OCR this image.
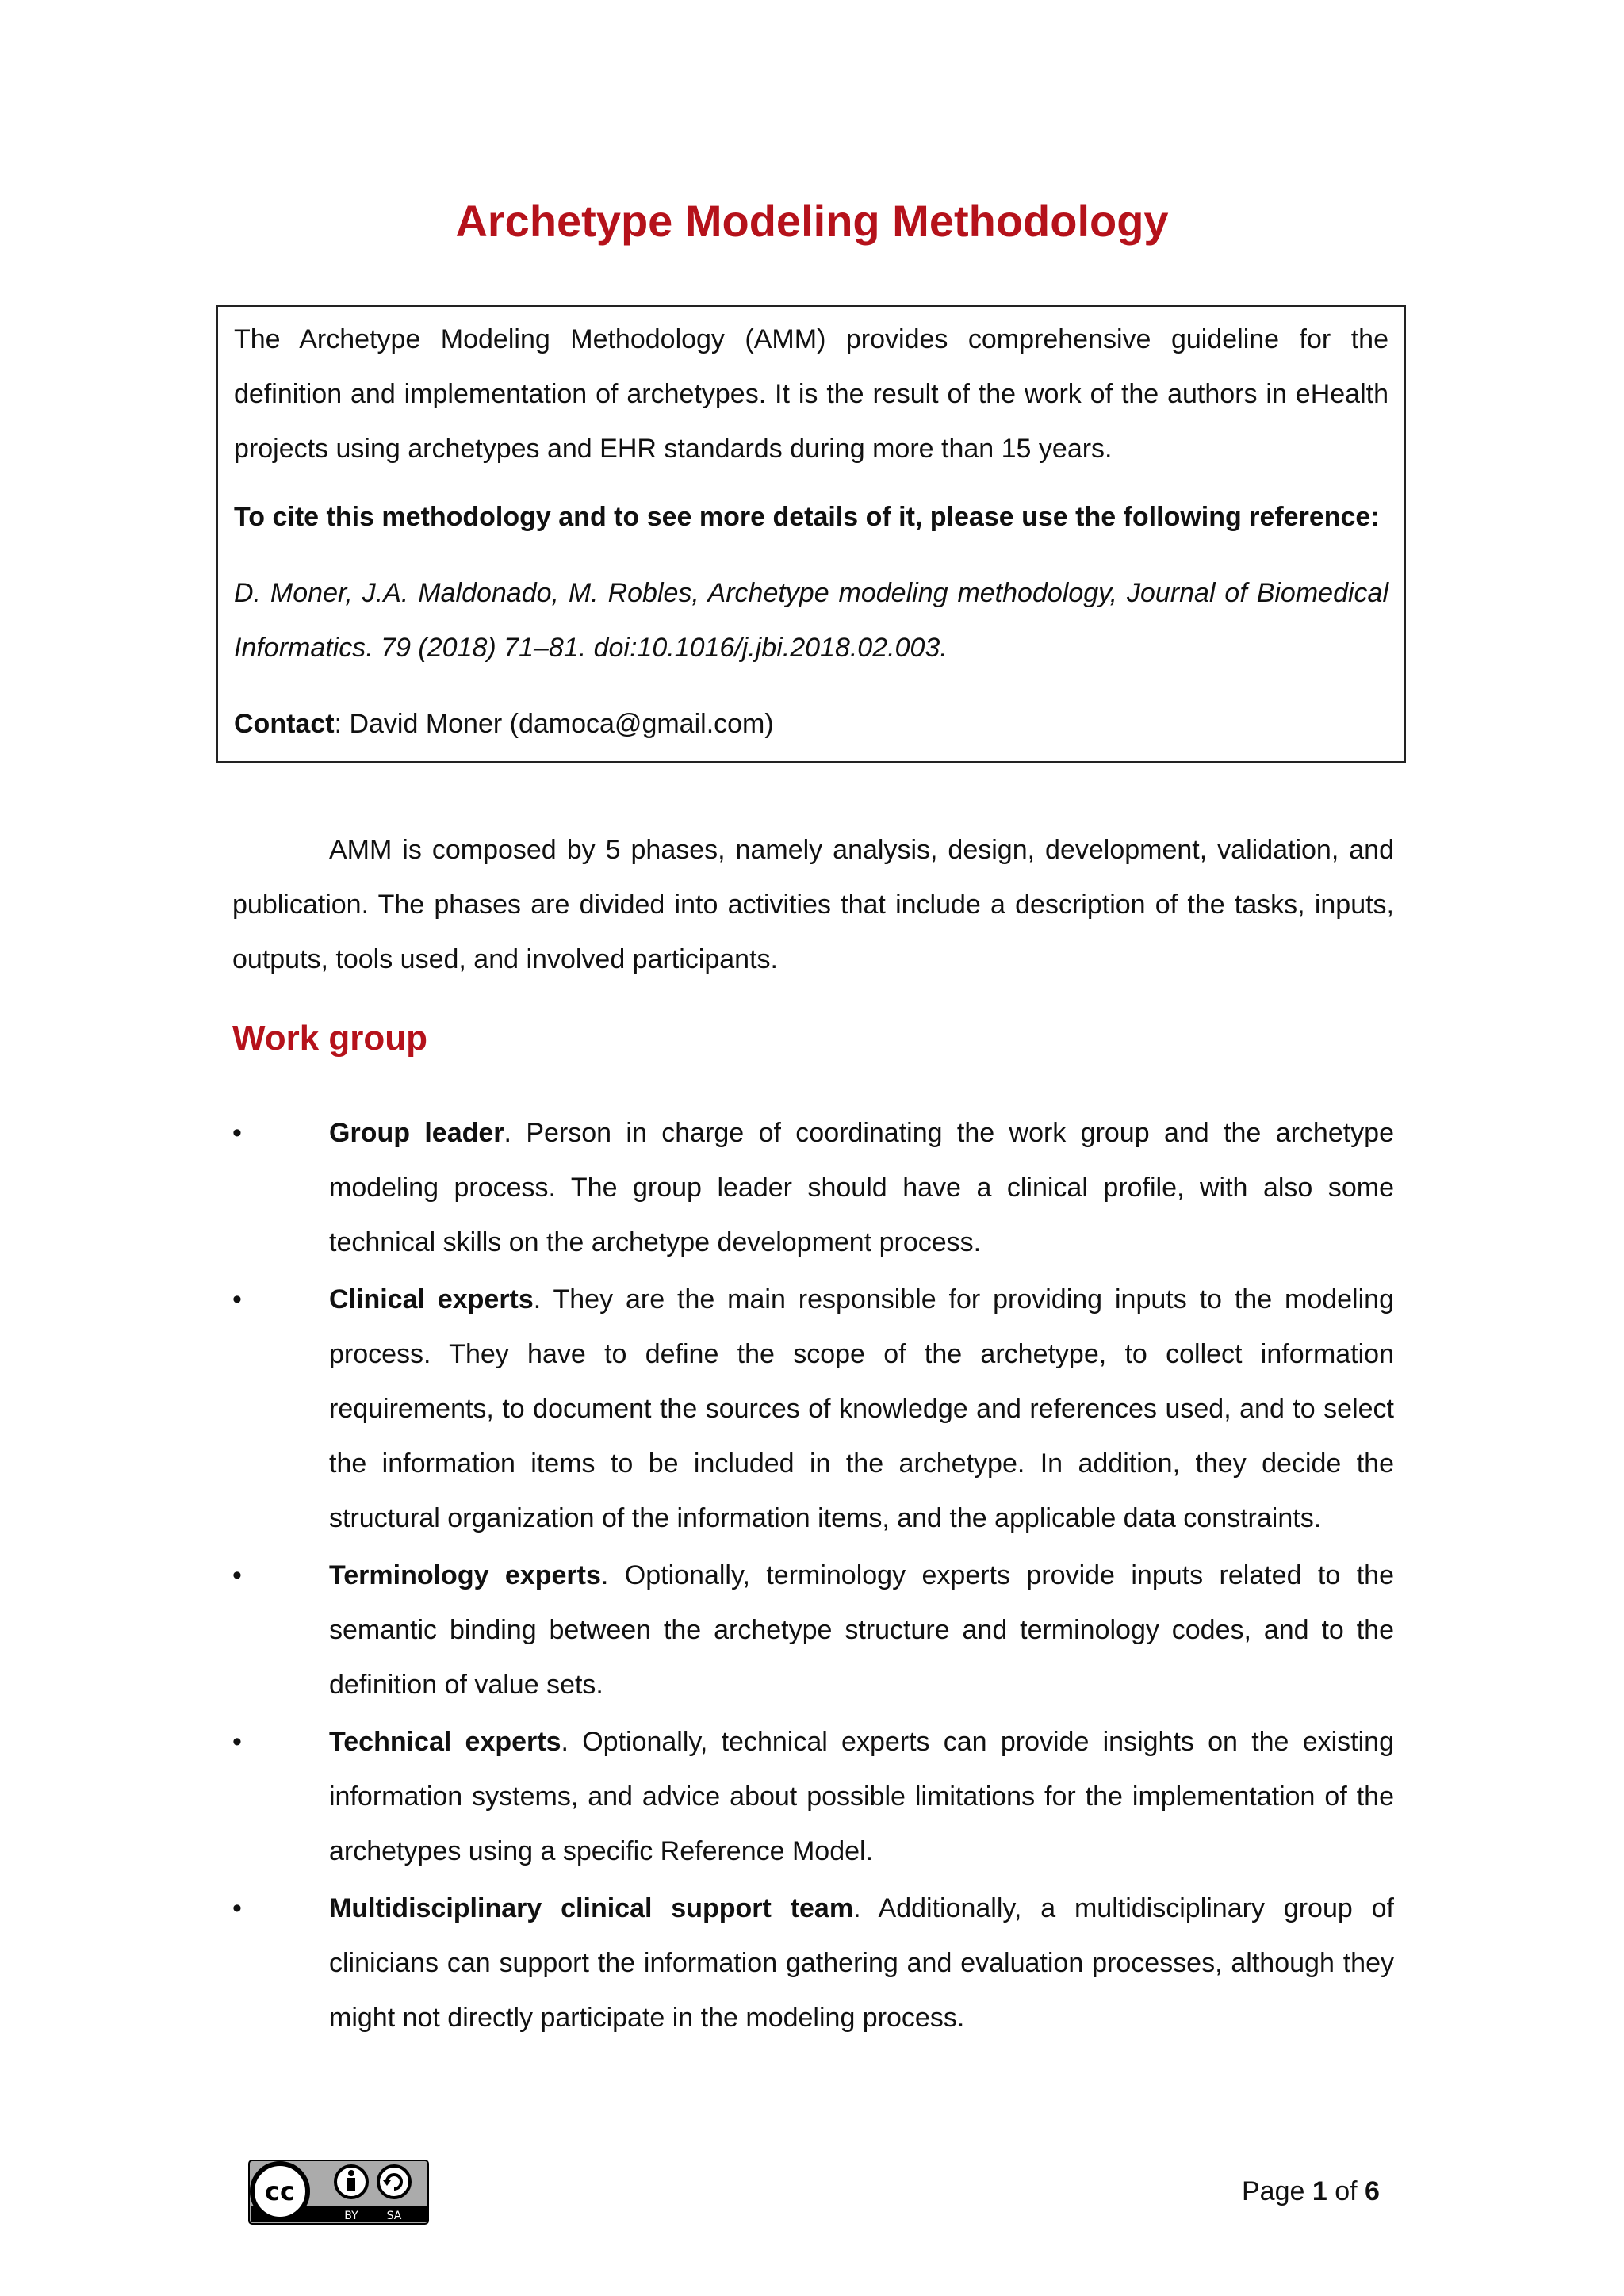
Archetype Modeling Methodology

The Archetype Modeling Methodology (AMM) provides comprehensive guideline for the definition and implementation of archetypes. It is the result of the work of the authors in eHealth projects using archetypes and EHR standards during more than 15 years.

To cite this methodology and to see more details of it, please use the following reference:

D. Moner, J.A. Maldonado, M. Robles, Archetype modeling methodology, Journal of Biomedical Informatics. 79 (2018) 71–81. doi:10.1016/j.jbi.2018.02.003.

Contact: David Moner (damoca@gmail.com)

AMM is composed by 5 phases, namely analysis, design, development, validation, and publication. The phases are divided into activities that include a description of the tasks, inputs, outputs, tools used, and involved participants.

Work group
•	Group leader. Person in charge of coordinating the work group and the archetype modeling process. The group leader should have a clinical profile, with also some technical skills on the archetype development process.
•	Clinical experts. They are the main responsible for providing inputs to the modeling process. They have to define the scope of the archetype, to collect information requirements, to document the sources of knowledge and references used, and to select the information items to be included in the archetype. In addition, they decide the structural organization of the information items, and the applicable data constraints.
•	Terminology experts. Optionally, terminology experts provide inputs related to the semantic binding between the archetype structure and terminology codes, and to the definition of value sets.
•	Technical experts. Optionally, technical experts can provide insights on the existing information systems, and advice about possible limitations for the implementation of the archetypes using a specific Reference Model.
•	Multidisciplinary clinical support team. Additionally, a multidisciplinary group of clinicians can support the information gathering and evaluation processes, although they might not directly participate in the modeling process.
cc
BY	SA
Page 1 of 6
